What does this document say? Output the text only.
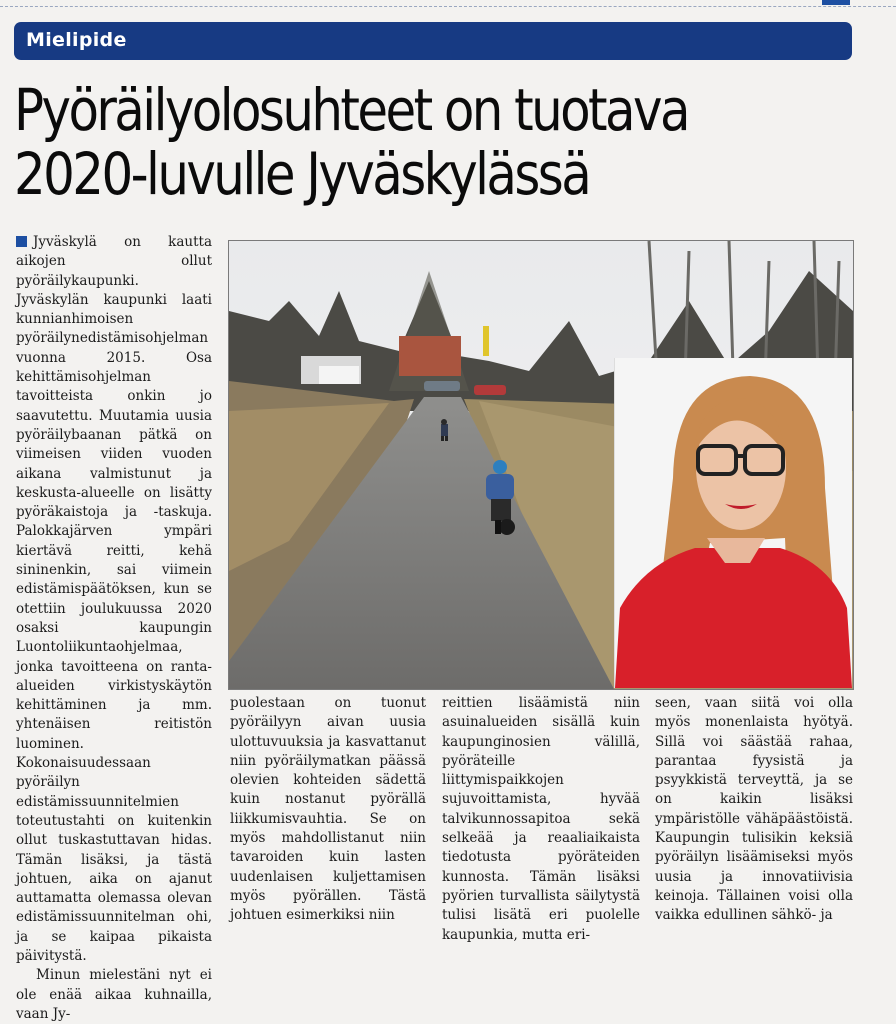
Mielipide
Pyöräilyolosuhteet on tuotava
2020-luvulle Jyväskylässä

Jyväskylä on kautta aikojen ollut pyöräilykaupunki. Jyväskylän kaupunki laati kunnianhimoisen pyöräilynedistämisohjelman vuonna 2015. Osa kehittämisohjelman tavoitteista onkin jo saavutettu. Muutamia uusia pyöräilybaanan pätkä on viimeisen viiden vuoden aikana valmistunut ja keskusta-alueelle on lisätty pyöräkaistoja ja -taskuja. Palokkajärven ympäri kiertävä reitti, kehä sininenkin, sai viimein edistämispäätöksen, kun se otettiin joulukuussa 2020 osaksi kaupungin Luontoliikuntaohjelmaa, jonka tavoitteena on ranta-alueiden virkistyskäytön kehittäminen ja mm. yhtenäisen reitistön luominen. Kokonaisuudessaan pyöräilyn edistämissuunnitelmien toteutustahti on kuitenkin ollut tuskastuttavan hidas. Tämän lisäksi, ja tästä johtuen, aika on ajanut auttamatta olemassa olevan edistämissuunnitelman ohi, ja se kaipaa pikaista päivitystä.

Minun mielestäni nyt ei ole enää aikaa kuhnailla, vaan Jy-

puolestaan on tuonut pyöräilyyn aivan uusia ulottuvuuksia ja kasvattanut niin pyöräilymatkan päässä olevien kohteiden sädettä kuin nostanut pyörällä liikkumisvauhtia. Se on myös mahdollistanut niin tavaroiden kuin lasten uudenlaisen kuljettamisen myös pyörällen. Tästä johtuen esimerkiksi niin

reittien lisäämistä niin asuinalueiden sisällä kuin kaupunginosien välillä, pyöräteille liittymispaikkojen sujuvoittamista, hyvää talvikunnossapitoa sekä selkeää ja reaaliaikaista tiedotusta pyöräteiden kunnosta. Tämän lisäksi pyörien turvallista säilytystä tulisi lisätä eri puolelle kaupunkia, mutta eri-

seen, vaan siitä voi olla myös monenlaista hyötyä. Sillä voi säästää rahaa, parantaa fyysistä ja psyykkistä terveyttä, ja se on kaikin lisäksi ympäristölle vähäpäästöistä. Kaupungin tulisikin keksiä pyöräilyn lisäämiseksi myös uusia ja innovatiivisia keinoja. Tällainen voisi olla vaikka edullinen sähkö- ja
